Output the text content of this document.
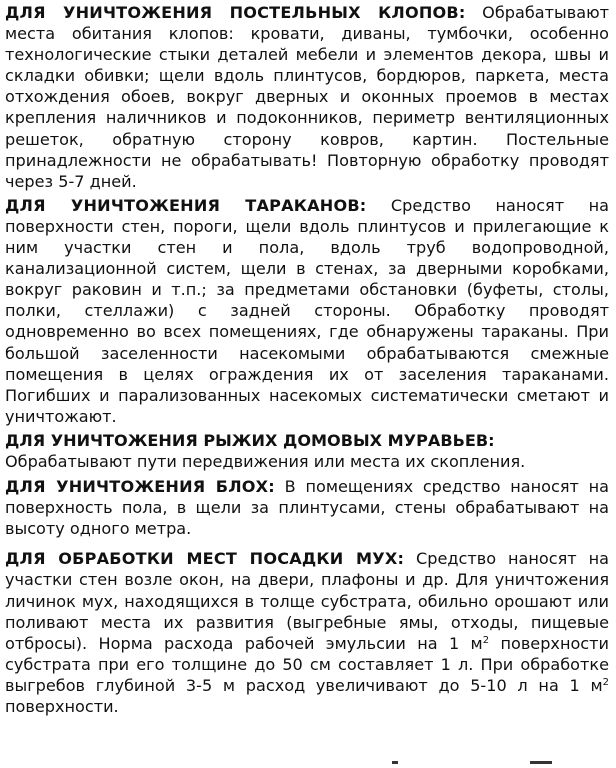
ДЛЯ УНИЧТОЖЕНИЯ ПОСТЕЛЬНЫХ КЛОПОВ: Обрабатывают места обитания клопов: кровати, диваны, тумбочки, особенно технологические стыки деталей мебели и элементов декора, швы и складки обивки; щели вдоль плинтусов, бордюров, паркета, места отхождения обоев, вокруг дверных и оконных проемов в местах крепления наличников и подоконников, периметр вентиляционных решеток, обратную сторону ковров, картин. Постельные принадлежности не обрабатывать! Повторную обработку проводят через 5-7 дней.

ДЛЯ УНИЧТОЖЕНИЯ ТАРАКАНОВ: Средство наносят на поверхности стен, пороги, щели вдоль плинтусов и прилегающие к ним участки стен и пола, вдоль труб водопроводной, канализационной систем, щели в стенах, за дверными коробками, вокруг раковин и т.п.; за предметами обстановки (буфеты, столы, полки, стеллажи) с задней стороны. Обработку проводят одновременно во всех помещениях, где обнаружены тараканы. При большой заселенности насекомыми обрабатываются смежные помещения в целях ограждения их от заселения тараканами. Погибших и парализованных насекомых систематически сметают и уничтожают.

ДЛЯ УНИЧТОЖЕНИЯ РЫЖИХ ДОМОВЫХ МУРАВЬЕВ:

Обрабатывают пути передвижения или места их скопления.

ДЛЯ УНИЧТОЖЕНИЯ БЛОХ: В помещениях средство наносят на поверхность пола, в щели за плинтусами, стены обрабатывают на высоту одного метра.

ДЛЯ ОБРАБОТКИ МЕСТ ПОСАДКИ МУХ: Средство наносят на участки стен возле окон, на двери, плафоны и др. Для уничтожения личинок мух, находящихся в толще субстрата, обильно орошают или поливают места их развития (выгребные ямы, отходы, пищевые отбросы). Норма расхода рабочей эмульсии на 1 $м^2$ поверхности субстрата при его толщине до 50 см составляет 1 л. При обработке выгребов глубиной 3-5 м расход увеличивают до 5-10 л на 1 $м^2$ поверхности.
